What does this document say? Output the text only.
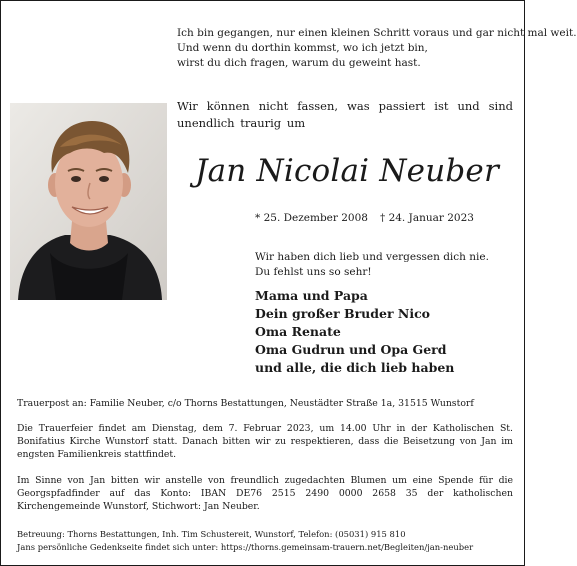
Ich bin gegangen, nur einen kleinen Schritt voraus und gar nicht mal weit.
Und wenn du dorthin kommst, wo ich jetzt bin,
wirst du dich fragen, warum du geweint hast.
Wir können nicht fassen, was passiert ist und sind unendlich traurig um
Jan Nicolai Neuber
* 25. Dezember 2008 † 24. Januar 2023
Wir haben dich lieb und vergessen dich nie.
Du fehlst uns so sehr!
Mama und Papa
Dein großer Bruder Nico
Oma Renate
Oma Gudrun und Opa Gerd
und alle, die dich lieb haben
Trauerpost an: Familie Neuber, c/o Thorns Bestattungen, Neustädter Straße 1a, 31515 Wunstorf
Die Trauerfeier findet am Dienstag, dem 7. Februar 2023, um 14.00 Uhr in der Katholischen St. Bonifatius Kirche Wunstorf statt. Danach bitten wir zu respektieren, dass die Beisetzung von Jan im engsten Familienkreis stattfindet.
Im Sinne von Jan bitten wir anstelle von freundlich zugedachten Blumen um eine Spende für die Georgspfadfinder auf das Konto: IBAN DE76 2515 2490 0000 2658 35 der katholischen Kirchengemeinde Wunstorf, Stichwort: Jan Neuber.
Betreuung: Thorns Bestattungen, Inh. Tim Schustereit, Wunstorf, Telefon: (05031) 915 810
Jans persönliche Gedenkseite findet sich unter: https://thorns.gemeinsam-trauern.net/Begleiten/jan-neuber
